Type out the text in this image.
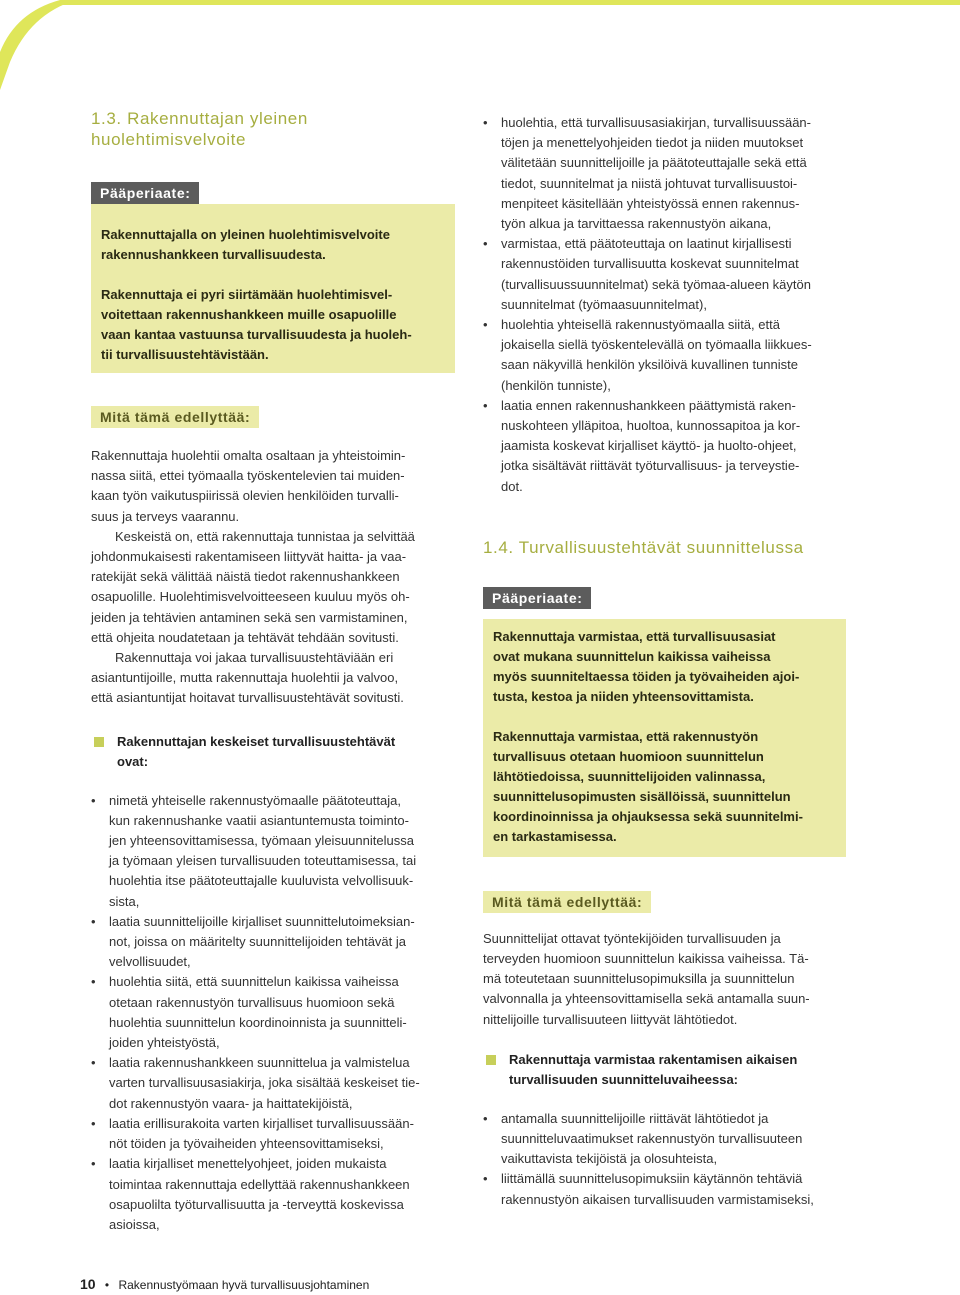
1.3. Rakennuttajan yleinen
huolehtimisvelvoite
Pääperiaate:

Rakennuttajalla on yleinen huolehtimisvelvoite
rakennushankkeen turvallisuudesta.

Rakennuttaja ei pyri siirtämään huolehtimisvel-
voitettaan rakennushankkeen muille osapuolille
vaan kantaa vastuunsa turvallisuudesta ja huoleh-
tii turvallisuustehtävistään.

Mitä tämä edellyttää:

Rakennuttaja huolehtii omalta osaltaan ja yhteistoimin-
nassa siitä, ettei työmaalla työskentelevien tai muiden-
kaan työn vaikutuspiirissä olevien henkilöiden turvalli-
suus ja terveys vaarannu.

Keskeistä on, että rakennuttaja tunnistaa ja selvittää
johdonmukaisesti rakentamiseen liittyvät haitta- ja vaa-
ratekijät sekä välittää näistä tiedot rakennushankkeen
osapuolille. Huolehtimisvelvoitteeseen kuuluu myös oh-
jeiden ja tehtävien antaminen sekä sen varmistaminen,
että ohjeita noudatetaan ja tehtävät tehdään sovitusti.

Rakennuttaja voi jakaa turvallisuustehtäviään eri
asiantuntijoille, mutta rakennuttaja huolehtii ja valvoo,
että asiantuntijat hoitavat turvallisuustehtävät sovitusti.

Rakennuttajan keskeiset turvallisuustehtävät
ovat:
• nimetä yhteiselle rakennustyömaalle päätoteuttaja,
kun rakennushanke vaatii asiantuntemusta toiminto-
jen yhteensovittamisessa, työmaan yleisuunnitelussa
ja työmaan yleisen turvallisuuden toteuttamisessa, tai
huolehtia itse päätoteuttajalle kuuluvista velvollisuuk-
sista,
• laatia suunnittelijoille kirjalliset suunnittelutoimeksian-
not, joissa on määritelty suunnittelijoiden tehtävät ja
velvollisuudet,
• huolehtia siitä, että suunnittelun kaikissa vaiheissa
otetaan rakennustyön turvallisuus huomioon sekä
huolehtia suunnittelun koordinoinnista ja suunnitteli-
joiden yhteistyöstä,
• laatia rakennushankkeen suunnittelua ja valmistelua
varten turvallisuusasiakirja, joka sisältää keskeiset tie-
dot rakennustyön vaara- ja haittatekijöistä,
• laatia erillisurakoita varten kirjalliset turvallisuussään-
nöt töiden ja työvaiheiden yhteensovittamiseksi,
• laatia kirjalliset menettelyohjeet, joiden mukaista
toimintaa rakennuttaja edellyttää rakennushankkeen
osapuolilta työturvallisuutta ja -terveyttä koskevissa
asioissa,
• huolehtia, että turvallisuusasiakirjan, turvallisuussään-
töjen ja menettelyohjeiden tiedot ja niiden muutokset
välitetään suunnittelijoille ja päätoteuttajalle sekä että
tiedot, suunnitelmat ja niistä johtuvat turvallisuustoi-
menpiteet käsitellään yhteistyössä ennen rakennus-
työn alkua ja tarvittaessa rakennustyön aikana,
• varmistaa, että päätoteuttaja on laatinut kirjallisesti
rakennustöiden turvallisuutta koskevat suunnitelmat
(turvallisuussuunnitelmat) sekä työmaa-alueen käytön
suunnitelmat (työmaasuunnitelmat),
• huolehtia yhteisellä rakennustyömaalla siitä, että
jokaisella siellä työskentelevällä on työmaalla liikkues-
saan näkyvillä henkilön yksilöivä kuvallinen tunniste
(henkilön tunniste),
• laatia ennen rakennushankkeen päättymistä raken-
nuskohteen ylläpitoa, huoltoa, kunnossapitoa ja kor-
jaamista koskevat kirjalliset käyttö- ja huolto-ohjeet,
jotka sisältävät riittävät työturvallisuus- ja terveystie-
dot.
1.4. Turvallisuustehtävät suunnittelussa
Pääperiaate:

Rakennuttaja varmistaa, että turvallisuusasiat
ovat mukana suunnittelun kaikissa vaiheissa
myös suunniteltaessa töiden ja työvaiheiden ajoi-
tusta, kestoa ja niiden yhteensovittamista.

Rakennuttaja varmistaa, että rakennustyön
turvallisuus otetaan huomioon suunnittelun
lähtötiedoissa, suunnittelijoiden valinnassa,
suunnittelusopimusten sisällöissä, suunnittelun
koordinoinnissa ja ohjauksessa sekä suunnitelmi-
en tarkastamisessa.

Mitä tämä edellyttää:

Suunnittelijat ottavat työntekijöiden turvallisuuden ja
terveyden huomioon suunnittelun kaikissa vaiheissa. Tä-
mä toteutetaan suunnittelusopimuksilla ja suunnittelun
valvonnalla ja yhteensovittamisella sekä antamalla suun-
nittelijoille turvallisuuteen liittyvät lähtötiedot.

Rakennuttaja varmistaa rakentamisen aikaisen
turvallisuuden suunnitteluvaiheessa:
• antamalla suunnittelijoille riittävät lähtötiedot ja
suunnitteluvaatimukset rakennustyön turvallisuuteen
vaikuttavista tekijöistä ja olosuhteista,
• liittämällä suunnittelusopimuksiin käytännön tehtäviä
rakennustyön aikaisen turvallisuuden varmistamiseksi,
10 • Rakennustyömaan hyvä turvallisuusjohtaminen
